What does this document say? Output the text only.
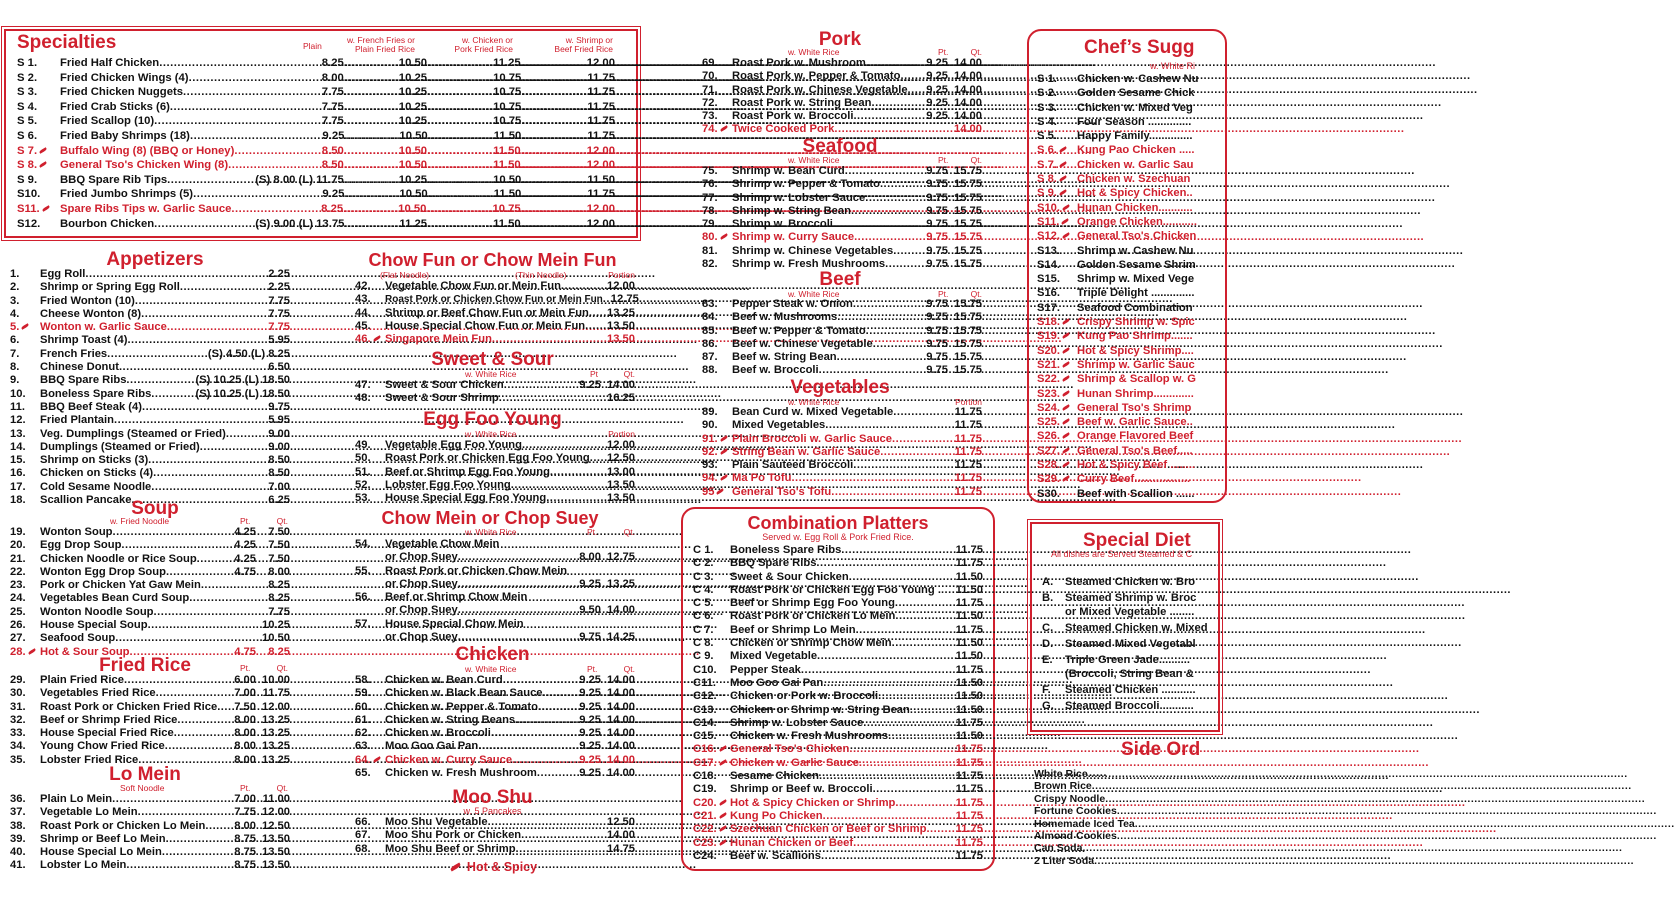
Specialties	Plain
w. French Fries or
Plain Fried Rice
w. Chicken or
Pork Fried Rice
w. Shrimp or
Beef Fried Rice
S 1.	Fried Half Chicken .....	8.25 .....	10.50 .....	11.25 .....	12.00
S 2.	Fried Chicken Wings (4) .....	8.00 .....	10.25 .....	10.75 .....	11.75
S 3.	Fried Chicken Nuggets .....	7.75 .....	10.25 .....	10.75 .....	11.75
S 4.	Fried Crab Sticks (6) .....	7.75 .....	10.25 .....	10.75 .....	11.75
S 5.	Fried Scallop (10) .....	7.75 .....	10.25 .....	10.75 .....	11.75
S 6.	Fried Baby Shrimps (18) .....	9.25 .....	10.50 .....	11.50 .....	11.75
S 7.	Buffalo Wing (8) (BBQ or Honey) .....	8.50 .....	10.50 .....	11.50 .....	12.00
S 8.	General Tso's Chicken Wing (8) .....	8.50 .....	10.50 .....	11.50 .....	12.00
S 9.	BBQ Spare Rib Tips .....	(S) 8.00 (L) 11.75 .....	10.25 .....	10.50 .....	11.50
S10.	Fried Jumbo Shrimps (5) .....	9.25 .....	10.50 .....	11.50 .....	11.75
S11.	Spare Ribs Tips w. Garlic Sauce .....	8.25 .....	10.50 .....	10.75 .....	12.00
S12.	Bourbon Chicken .....	(S) 9.00 (L) 13.75 .....	11.25 .....	11.50 .....	12.00
Appetizers
1.	Egg Roll .....	2.25
2.	Shrimp or Spring Egg Roll .....	2.25
3.	Fried Wonton (10) .....	7.75
4.	Cheese Wonton (8) .....	7.75
5.	Wonton w. Garlic Sauce .....	7.75
6.	Shrimp Toast (4) .....	5.95
7.	French Fries .....	(S) 4.50 (L) 8.25
8.	Chinese Donut .....	6.50
9.	BBQ Spare Ribs .....	(S) 10.25 (L) 18.50
10.	Boneless Spare Ribs .....	(S) 10.25 (L) 18.50
11.	BBQ Beef Steak (4) .....	9.75
12.	Fried Plantain .....	5.95
13.	Veg. Dumplings (Steamed or Fried) .....	9.00
14.	Dumplings (Steamed or Fried) .....	9.00
15.	Shrimp on Sticks (3) .....	8.50
16.	Chicken on Sticks (4) .....	8.50
17.	Cold Sesame Noodle .....	7.00
18.	Scallion Pancake .....	6.25
Soup
w. Fried Noodle	Pt.	Qt.
19.	Wonton Soup .....	4.25	7.50
20.	Egg Drop Soup .....	4.25	7.50
21.	Chicken Noodle or Rice Soup .....	4.25	7.50
22.	Wonton Egg Drop Soup .....	4.75	8.00
23.	Pork or Chicken Yat Gaw Mein .....	8.25
24.	Vegetables Bean Curd Soup .....	8.25
25.	Wonton Noodle Soup .....	7.75
26.	House Special Soup .....	10.25
27.	Seafood Soup .....	10.50
28.	Hot & Sour Soup .....	4.75	8.25
Fried Rice	Pt.	Qt.
29.	Plain Fried Rice .....	6.00 10.00
30.	Vegetables Fried Rice .....	7.00 11.75
31.	Roast Pork or Chicken Fried Rice ..... 7.50 12.00
32.	Beef or Shrimp Fried Rice .....	8.00 13.25
33.	House Special Fried Rice .....	8.00 13.25
34.	Young Chow Fried Rice .....	8.00 13.25
35.	Lobster Fried Rice .....	8.00 13.25
Lo Mein
Soft Noodle	Pt.	Qt.
36.	Plain Lo Mein .....	7.00 11.00
37.	Vegetable Lo Mein .....	7.75 12.00
38.	Roast Pork or Chicken Lo Mein .....	8.00 12.50
39.	Shrimp or Beef Lo Mein .....	8.75 13.50
40.	House Special Lo Mein .....	8.75 13.50
41.	Lobster Lo Mein .....	8.75 13.50
Chow Fun or Chow Mein Fun
(Flat Noodle)	(Thin Noodle)	Portion
42.	Vegetable Chow Fun or Mein Fun .....	12.00
43.	Roast Pork or Chicken Chow Fun or Mein Fun ..... 12.75
44.	Shrimp or Beef Chow Fun or Mein Fun .....	13.25
45.	House Special Chow Fun or Mein Fun .....	13.50
46.	Singapore Mein Fun .....	13.50
Sweet & Sour
w. White Rice	Pt	Qt.
47.	Sweet & Sour Chicken .....	9.25 14.00
48.	Sweet & Sour Shrimp .....	16.25
Egg Foo Young
w. White Rice	Portion
49.	Vegetable Egg Foo Young .....	12.00
50.	Roast Pork or Chicken Egg Foo Young .....	12.50
51.	Beef or Shrimp Egg Foo Young .....	13.00
52.	Lobster Egg Foo Young .....	13.50
53.	House Special Egg Foo Young .....	13.50
Chow Mein or Chop Suey
w. White Rice	Pt.	Qt.
54.	Vegetable Chow Mein
or Chop Suey .....	8.00 12.75
55.	Roast Pork or Chicken Chow Mein
or Chop Suey .....	9.25 13.25
56.	Beef or Shrimp Chow Mein
or Chop Suey .....	9.50 14.00
57.	House Special Chow Mein
or Chop Suey .....	9.75 14.25
Chicken
w. White Rice	Pt.	Qt.
58.	Chicken w. Bean Curd .....	9.25 14.00
59.	Chicken w. Black Bean Sauce .....	9.25 14.00
60.	Chicken w. Pepper & Tomato .....	9.25 14.00
61.	Chicken w. String Beans .....	9.25 14.00
62.	Chicken w. Broccoli .....	9.25 14.00
63.	Moo Goo Gai Pan .....	9.25 14.00
64.	Chicken w. Curry Sauce .....	9.25 14.00
65.	Chicken w. Fresh Mushroom .....	9.25 14.00
Moo Shu
w. 5 Pancakes
66.	Moo Shu Vegetable .....	12.50
67.	Moo Shu Pork or Chicken .....	14.00
68.	Moo Shu Beef or Shrimp .....	14.75
Hot & Spicy
Pork
w. White Rice	Pt.	Qt.
69.	Roast Pork w. Mushroom .....	9.25 14.00
70.	Roast Pork w. Pepper & Tomato .....	9.25 14.00
71.	Roast Pork w. Chinese Vegetable .....	9.25 14.00
72.	Roast Pork w. String Bean .....	9.25 14.00
73.	Roast Pork w. Broccoli .....	9.25 14.00
74.	Twice Cooked Pork .....	14.00
Seafood
w. White Rice	Pt.	Qt.
75.	Shrimp w. Bean Curd .....	9.75 15.75
76.	Shrimp w. Pepper & Tomato .....	9.75 15.75
77.	Shrimp w. Lobster Sauce .....	9.75 15.75
78.	Shrimp w. String Bean .....	9.75 15.75
79.	Shrimp w. Broccoli .....	9.75 15.75
80.	Shrimp w. Curry Sauce .....	9.75 15.75
81.	Shrimp w. Chinese Vegetables .....	9.75 15.75
82.	Shrimp w. Fresh Mushrooms .....	9.75 15.75
Beef
w. White Rice	Pt.	Qt.
83.	Pepper Steak w. Onion .....	9.75 15.75
84.	Beef w. Mushrooms .....	9.75 15.75
85.	Beef w. Pepper & Tomato .....	9.75 15.75
86.	Beef w. Chinese Vegetable .....	9.75 15.75
87.	Beef w. String Bean .....	9.75 15.75
88.	Beef w. Broccoli .....	9.75 15.75
Vegetables
w. White Rice	Portion
89.	Bean Curd w. Mixed Vegetable .....	11.75
90.	Mixed Vegetables .....	11.75
91.	Plain Broccoli w. Garlic Sauce .....	11.75
92.	String Bean w. Garlic Sauce .....	11.75
93.	Plain Sauteed Broccoli .....	11.75
94.	Ma Po Tofu .....	11.75
95	General Tso's Tofu .....	11.75
Combination Platters
Served w. Egg Roll & Pork Fried Rice.
C 1.	Boneless Spare Ribs .....	11.75
C 2.	BBQ Spare Ribs .....	11.75
C 3.	Sweet & Sour Chicken .....	11.50
C 4.	Roast Pork or Chicken Egg Foo Young . .....	11.50
C 5.	Beef or Shrimp Egg Foo Young .....	11.75
C 6.	Roast Pork or Chicken Lo Mein .....	11.50
C 7.	Beef or Shrimp Lo Mein .....	11.75
C 8.	Chicken or Shrimp Chow Mein .....	11.50
C 9.	Mixed Vegetable .....	11.50
C10.	Pepper Steak .....	11.75
C11.	Moo Goo Gai Pan .....	11.50
C12.	Chicken or Pork w. Broccoli .....	11.50
C13.	Chicken or Shrimp w. String Bean .....	11.50
C14.	Shrimp w. Lobster Sauce .....	11.75
C15.	Chicken w. Fresh Mushrooms .....	11.50
C16.	General Tso's Chicken .....	11.75
C17.	Chicken w. Garlic Sauce .....	11.75
C18.	Sesame Chicken .....	11.75
C19.	Shrimp or Beef w. Broccoli .....	11.75
C20.	Hot & Spicy Chicken or Shrimp .....	11.75
C21.	Kung Po Chicken .....	11.75
C22.	Szechuan Chicken or Beef or Shrimp .....	11.75
C23.	Hunan Chicken or Beef .....	11.75
C24.	Beef w. Scallions .....	11.75
Chef’s Sugg
w. White Ri
S 1.	Chicken w. Cashew Nu
S 2.	Golden Sesame Chick
S 3.	Chicken w. Mixed Veg
S 4.	Four Season ..............
S 5.	Happy Family..............
S 6.	Kung Pao Chicken .....
S 7.	Chicken w. Garlic Sau
S 8.	Chicken w. Szechuan
S 9.	Hot & Spicy Chicken..
S10.	Hunan Chicken...........
S11.	Orange Chicken...........
S12.	General Tso's Chicken
S13.	Shrimp w. Cashew Nu
S14.	Golden Sesame Shrim
S15.	Shrimp w. Mixed Vege
S16.	Triple Delight ..............
S17.	Seafood Combination
S18.	Crispy Shrimp w. Spic
S19.	Kung Pao Shrimp.......
S20.	Hot & Spicy Shrimp....
S21.	Shrimp w. Garlic Sauc
S22.	Shrimp & Scallop w. G
S23.	Hunan Shrimp.............
S24.	General Tso's Shrimp
S25.	Beef w. Garlic Sauce..
S26.	Orange Flavored Beef
S27.	General Tso's Beef.....
S28.	Hot & Spicy Beef ........
S29.	Curry Beef..................
S30.	Beef with Scallion ......
Special Diet
All dishes are Served Steamed & C
A.	Steamed Chicken w. Bro
B.	Steamed Shrimp w. Broc
or Mixed Vegetable ........
C.	Steamed Chicken w. Mixed
D.	Steamed Mixed Vegetabl
E.	Triple Green Jade..........
(Broccoli, String Bean &
F.	Steamed Chicken ...........
G. Steamed Broccoli...........
Side Ord
White Rice
.....
Brown Rice
.....
Crispy Noodle
.....
Fortune Cookies
.....
Homemade Iced Tea
.....
Almond Cookies
.....
Can Soda
.....
2 Liter Soda
.....
